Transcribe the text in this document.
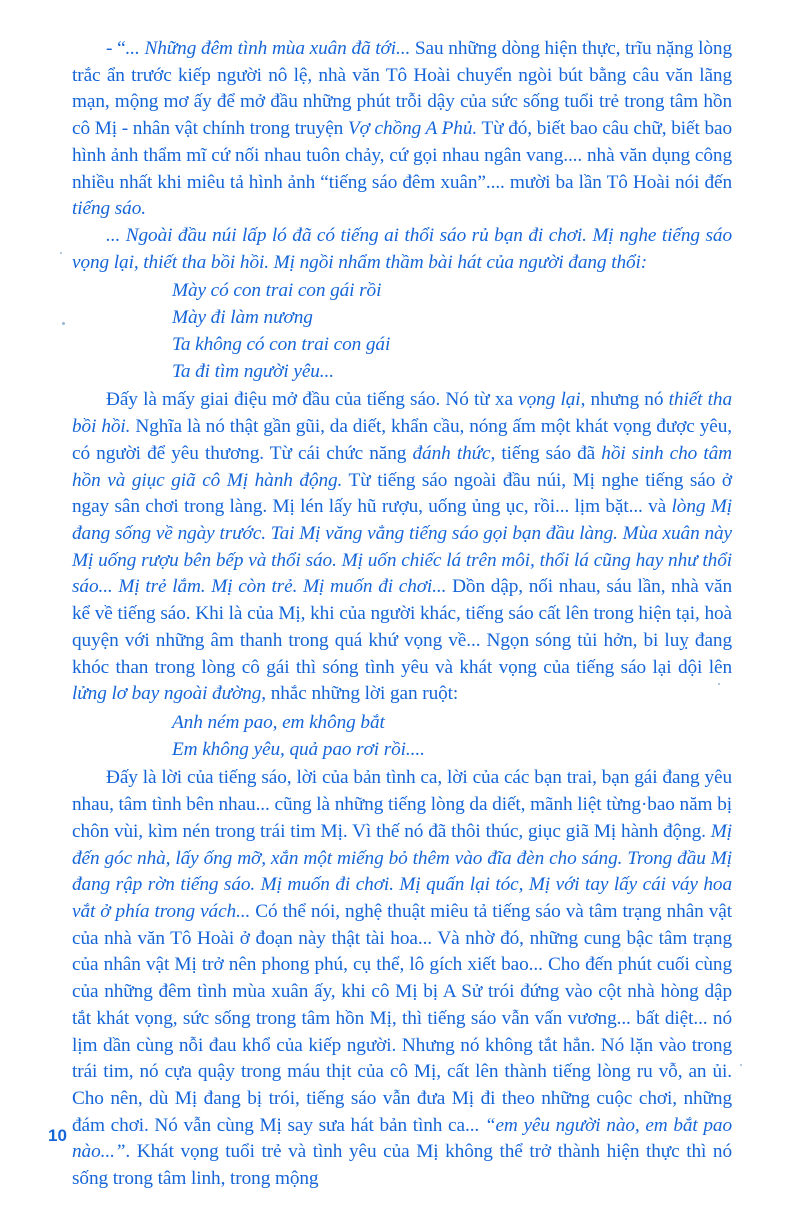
- “... Những đêm tình mùa xuân đã tới... Sau những dòng hiện thực, trĩu nặng lòng trắc ẩn trước kiếp người nô lệ, nhà văn Tô Hoài chuyển ngòi bút bằng câu văn lãng mạn, mộng mơ ấy để mở đầu những phút trỗi dậy của sức sống tuổi trẻ trong tâm hồn cô Mị - nhân vật chính trong truyện Vợ chồng A Phủ. Từ đó, biết bao câu chữ, biết bao hình ảnh thẩm mĩ cứ nối nhau tuôn chảy, cứ gọi nhau ngân vang.... nhà văn dụng công nhiều nhất khi miêu tả hình ảnh “tiếng sáo đêm xuân”.... mười ba lần Tô Hoài nói đến tiếng sáo.

... Ngoài đầu núi lấp ló đã có tiếng ai thổi sáo rủ bạn đi chơi. Mị nghe tiếng sáo vọng lại, thiết tha bồi hồi. Mị ngồi nhẩm thầm bài hát của người đang thổi:

Mày có con trai con gái rồi

Mày đi làm nương

Ta không có con trai con gái

Ta đi tìm người yêu...

Đấy là mấy giai điệu mở đầu của tiếng sáo. Nó từ xa vọng lại, nhưng nó thiết tha bồi hồi. Nghĩa là nó thật gần gũi, da diết, khẩn cầu, nóng ấm một khát vọng được yêu, có người để yêu thương. Từ cái chức năng đánh thức, tiếng sáo đã hồi sinh cho tâm hồn và giục giã cô Mị hành động. Từ tiếng sáo ngoài đầu núi, Mị nghe tiếng sáo ở ngay sân chơi trong làng. Mị lén lấy hũ rượu, uống ủng ục, rồi... lịm bặt... và lòng Mị đang sống về ngày trước. Tai Mị văng vẳng tiếng sáo gọi bạn đầu làng. Mùa xuân này Mị uống rượu bên bếp và thổi sáo. Mị uốn chiếc lá trên môi, thổi lá cũng hay như thổi sáo... Mị trẻ lắm. Mị còn trẻ. Mị muốn đi chơi... Dồn dập, nối nhau, sáu lần, nhà văn kể về tiếng sáo. Khi là của Mị, khi của người khác, tiếng sáo cất lên trong hiện tại, hoà quyện với những âm thanh trong quá khứ vọng về... Ngọn sóng tủi hởn, bi luỵ đang khóc than trong lòng cô gái thì sóng tình yêu và khát vọng của tiếng sáo lại dội lên lửng lơ bay ngoài đường, nhắc những lời gan ruột:

Anh ném pao, em không bắt

Em không yêu, quả pao rơi rồi....

Đấy là lời của tiếng sáo, lời của bản tình ca, lời của các bạn trai, bạn gái đang yêu nhau, tâm tình bên nhau... cũng là những tiếng lòng da diết, mãnh liệt từng·bao năm bị chôn vùi, kìm nén trong trái tim Mị. Vì thế nó đã thôi thúc, giục giã Mị hành động. Mị đến góc nhà, lấy ống mỡ, xắn một miếng bỏ thêm vào đĩa đèn cho sáng. Trong đầu Mị đang rập rờn tiếng sáo. Mị muốn đi chơi. Mị quấn lại tóc, Mị với tay lấy cái váy hoa vắt ở phía trong vách... Có thể nói, nghệ thuật miêu tả tiếng sáo và tâm trạng nhân vật của nhà văn Tô Hoài ở đoạn này thật tài hoa... Và nhờ đó, những cung bậc tâm trạng của nhân vật Mị trở nên phong phú, cụ thể, lô gích xiết bao... Cho đến phút cuối cùng của những đêm tình mùa xuân ấy, khi cô Mị bị A Sử trói đứng vào cột nhà hòng dập tắt khát vọng, sức sống trong tâm hồn Mị, thì tiếng sáo vẫn vấn vương... bất diệt... nó lịm dần cùng nỗi đau khổ của kiếp người. Nhưng nó không tắt hẳn. Nó lặn vào trong trái tim, nó cựa quậy trong máu thịt của cô Mị, cất lên thành tiếng lòng ru vỗ, an ủi. Cho nên, dù Mị đang bị trói, tiếng sáo vẫn đưa Mị đi theo những cuộc chơi, những đám chơi. Nó vẫn cùng Mị say sưa hát bản tình ca... “em yêu người nào, em bắt pao nào...”. Khát vọng tuổi trẻ và tình yêu của Mị không thể trở thành hiện thực thì nó sống trong tâm linh, trong mộng

10
